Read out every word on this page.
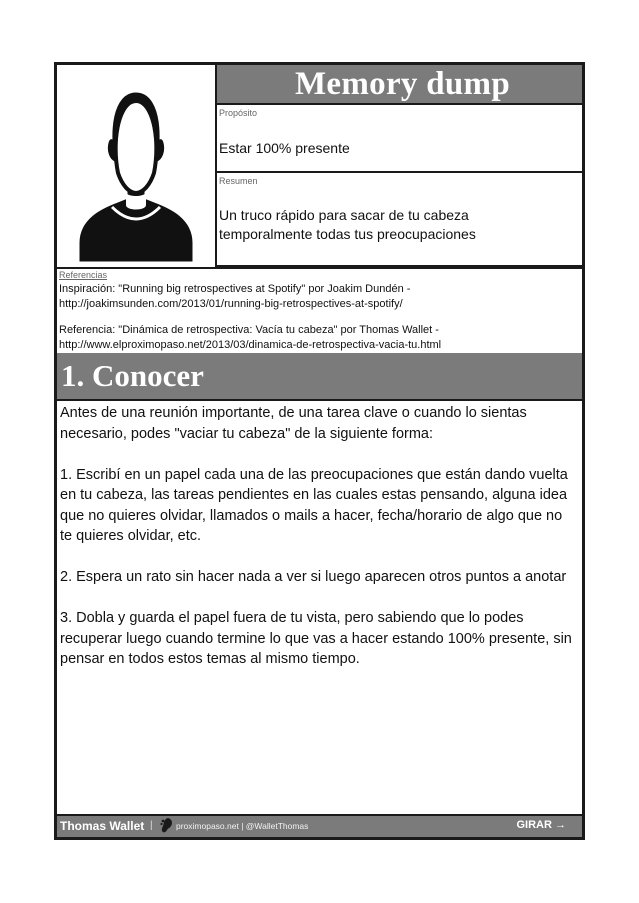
Memory dump
Propósito
Estar 100% presente
Resumen
Un truco rápido para sacar de tu cabeza temporalmente todas tus preocupaciones
Referencias
Inspiración: "Running big retrospectives at Spotify" por Joakim Dundén -
http://joakimsunden.com/2013/01/running-big-retrospectives-at-spotify/
Referencia: "Dinámica de retrospectiva: Vacía tu cabeza" por Thomas Wallet -
http://www.elproximopaso.net/2013/03/dinamica-de-retrospectiva-vacia-tu.html
1. Conocer

Antes de una reunión importante, de una tarea clave o cuando lo sientas necesario, podes "vaciar tu cabeza" de la siguiente forma:

1. Escribí en un papel cada una de las preocupaciones que están dando vuelta en tu cabeza, las tareas pendientes en las cuales estas pensando, alguna idea que no quieres olvidar, llamados o mails a hacer, fecha/horario de algo que no te quieres olvidar, etc.

2. Espera un rato sin hacer nada a ver si luego aparecen otros puntos a anotar

3. Dobla y guarda el papel fuera de tu vista, pero sabiendo que lo podes recuperar luego cuando termine lo que vas a hacer estando 100% presente, sin pensar en todos estos temas al mismo tiempo.

Thomas Wallet |	proximopaso.net | @WalletThomas	GIRAR →
